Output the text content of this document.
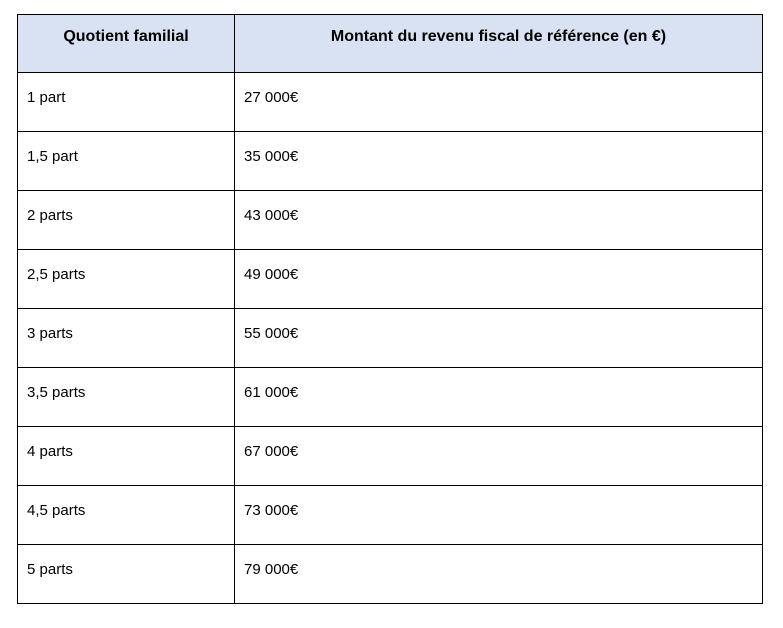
Quotient familial	Montant du revenu fiscal de référence (en €)
1 part	27 000€
1,5 part	35 000€
2 parts	43 000€
2,5 parts	49 000€
3 parts	55 000€
3,5 parts	61 000€
4 parts	67 000€
4,5 parts	73 000€
5 parts	79 000€
